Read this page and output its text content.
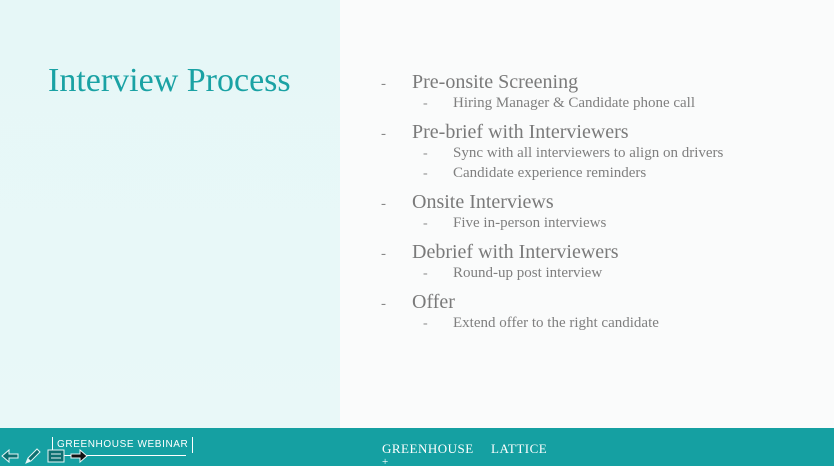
Interview Process	-	Pre-onsite Screening
-	Hiring Manager & Candidate phone call
-	Pre-brief with Interviewers
-	Sync with all interviewers to align on drivers
-	Candidate experience reminders
-	Onsite Interviews
-	Five in-person interviews
-	Debrief with Interviewers
-	Round-up post interview
-	Offer
-	Extend offer to the right candidate
GREENHOUSE WEBINAR	GREENHOUSE
+
LATTICE
